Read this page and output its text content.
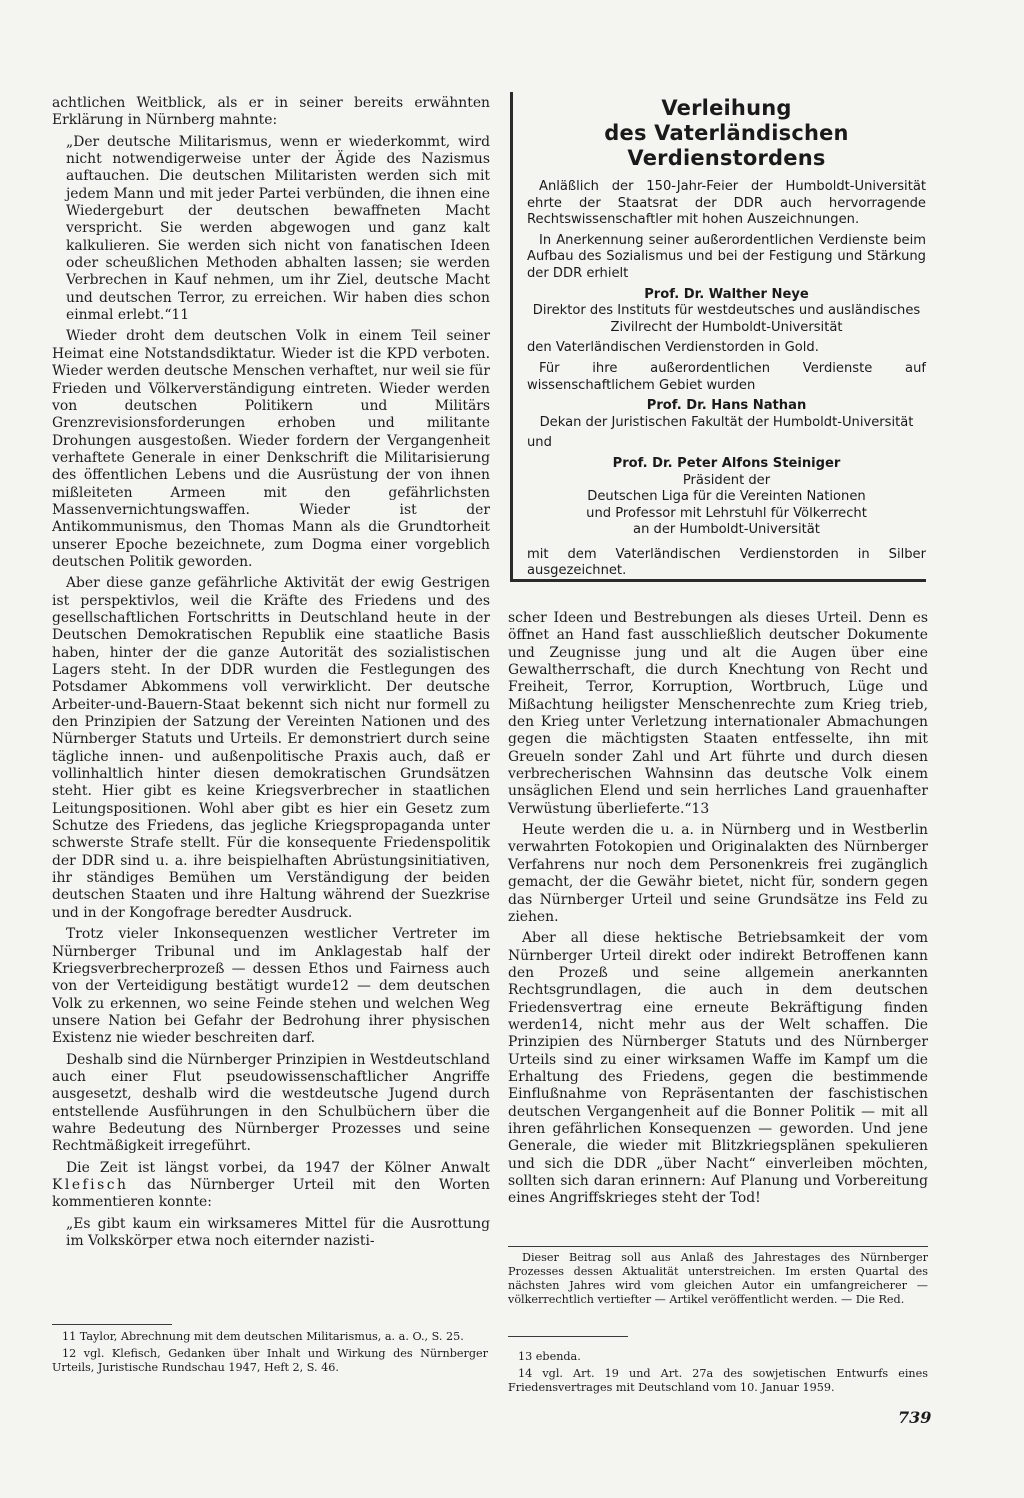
achtlichen Weitblick, als er in seiner bereits erwähnten Erklärung in Nürnberg mahnte:

„Der deutsche Militarismus, wenn er wiederkommt, wird nicht notwendigerweise unter der Ägide des Nazismus auftauchen. Die deutschen Militaristen werden sich mit jedem Mann und mit jeder Partei verbünden, die ihnen eine Wiedergeburt der deutschen bewaffneten Macht verspricht. Sie werden abgewogen und ganz kalt kalkulieren. Sie werden sich nicht von fanatischen Ideen oder scheußlichen Methoden abhalten lassen; sie werden Verbrechen in Kauf nehmen, um ihr Ziel, deutsche Macht und deutschen Terror, zu erreichen. Wir haben dies schon einmal erlebt.“11

Wieder droht dem deutschen Volk in einem Teil seiner Heimat eine Notstandsdiktatur. Wieder ist die KPD verboten. Wieder werden deutsche Menschen verhaftet, nur weil sie für Frieden und Völkerverständigung eintreten. Wieder werden von deutschen Politikern und Militärs Grenzrevisionsforderungen erhoben und militante Drohungen ausgestoßen. Wieder fordern der Vergangenheit verhaftete Generale in einer Denkschrift die Militarisierung des öffentlichen Lebens und die Ausrüstung der von ihnen mißleiteten Armeen mit den gefährlichsten Massenvernichtungswaffen. Wieder ist der Antikommunismus, den Thomas Mann als die Grundtorheit unserer Epoche bezeichnete, zum Dogma einer vorgeblich deutschen Politik geworden.

Aber diese ganze gefährliche Aktivität der ewig Gestrigen ist perspektivlos, weil die Kräfte des Friedens und des gesellschaftlichen Fortschritts in Deutschland heute in der Deutschen Demokratischen Republik eine staatliche Basis haben, hinter der die ganze Autorität des sozialistischen Lagers steht. In der DDR wurden die Festlegungen des Potsdamer Abkommens voll verwirklicht. Der deutsche Arbeiter-und-Bauern-Staat bekennt sich nicht nur formell zu den Prinzipien der Satzung der Vereinten Nationen und des Nürnberger Statuts und Urteils. Er demonstriert durch seine tägliche innen- und außenpolitische Praxis auch, daß er vollinhaltlich hinter diesen demokratischen Grundsätzen steht. Hier gibt es keine Kriegsverbrecher in staatlichen Leitungspositionen. Wohl aber gibt es hier ein Gesetz zum Schutze des Friedens, das jegliche Kriegspropaganda unter schwerste Strafe stellt. Für die konsequente Friedenspolitik der DDR sind u. a. ihre beispielhaften Abrüstungsinitiativen, ihr ständiges Bemühen um Verständigung der beiden deutschen Staaten und ihre Haltung während der Suezkrise und in der Kongofrage beredter Ausdruck.

Trotz vieler Inkonsequenzen westlicher Vertreter im Nürnberger Tribunal und im Anklagestab half der Kriegsverbrecherprozeß — dessen Ethos und Fairness auch von der Verteidigung bestätigt wurde12 — dem deutschen Volk zu erkennen, wo seine Feinde stehen und welchen Weg unsere Nation bei Gefahr der Bedrohung ihrer physischen Existenz nie wieder beschreiten darf.

Deshalb sind die Nürnberger Prinzipien in Westdeutschland auch einer Flut pseudowissenschaftlicher Angriffe ausgesetzt, deshalb wird die westdeutsche Jugend durch entstellende Ausführungen in den Schulbüchern über die wahre Bedeutung des Nürnberger Prozesses und seine Rechtmäßigkeit irregeführt.

Die Zeit ist längst vorbei, da 1947 der Kölner Anwalt Klefisch das Nürnberger Urteil mit den Worten kommentieren konnte:

„Es gibt kaum ein wirksameres Mittel für die Ausrottung im Volkskörper etwa noch eiternder nazisti-

Verleihung
des Vaterländischen Verdienstordens

Anläßlich der 150-Jahr-Feier der Humboldt-Universität ehrte der Staatsrat der DDR auch hervorragende Rechtswissenschaftler mit hohen Auszeichnungen.

In Anerkennung seiner außerordentlichen Verdienste beim Aufbau des Sozialismus und bei der Festigung und Stärkung der DDR erhielt

Prof. Dr. Walther Neye

Direktor des Instituts für westdeutsches und ausländisches Zivilrecht der Humboldt-Universität

den Vaterländischen Verdienstorden in Gold.

Für ihre außerordentlichen Verdienste auf wissenschaftlichem Gebiet wurden

Prof. Dr. Hans Nathan

Dekan der Juristischen Fakultät der Humboldt-Universität

und

Prof. Dr. Peter Alfons Steiniger

Präsident der

Deutschen Liga für die Vereinten Nationen

und Professor mit Lehrstuhl für Völkerrecht

an der Humboldt-Universität

mit dem Vaterländischen Verdienstorden in Silber ausgezeichnet.

scher Ideen und Bestrebungen als dieses Urteil. Denn es öffnet an Hand fast ausschließlich deutscher Dokumente und Zeugnisse jung und alt die Augen über eine Gewaltherrschaft, die durch Knechtung von Recht und Freiheit, Terror, Korruption, Wortbruch, Lüge und Mißachtung heiligster Menschenrechte zum Krieg trieb, den Krieg unter Verletzung internationaler Abmachungen gegen die mächtigsten Staaten entfesselte, ihn mit Greueln sonder Zahl und Art führte und durch diesen verbrecherischen Wahnsinn das deutsche Volk einem unsäglichen Elend und sein herrliches Land grauenhafter Verwüstung überlieferte.“13

Heute werden die u. a. in Nürnberg und in Westberlin verwahrten Fotokopien und Originalakten des Nürnberger Verfahrens nur noch dem Personenkreis frei zugänglich gemacht, der die Gewähr bietet, nicht für, sondern gegen das Nürnberger Urteil und seine Grundsätze ins Feld zu ziehen.

Aber all diese hektische Betriebsamkeit der vom Nürnberger Urteil direkt oder indirekt Betroffenen kann den Prozeß und seine allgemein anerkannten Rechtsgrundlagen, die auch in dem deutschen Friedensvertrag eine erneute Bekräftigung finden werden14, nicht mehr aus der Welt schaffen. Die Prinzipien des Nürnberger Statuts und des Nürnberger Urteils sind zu einer wirksamen Waffe im Kampf um die Erhaltung des Friedens, gegen die bestimmende Einflußnahme von Repräsentanten der faschistischen deutschen Vergangenheit auf die Bonner Politik — mit all ihren gefährlichen Konsequenzen — geworden. Und jene Generale, die wieder mit Blitzkriegsplänen spekulieren und sich die DDR „über Nacht“ einverleiben möchten, sollten sich daran erinnern: Auf Planung und Vorbereitung eines Angriffskrieges steht der Tod!

Dieser Beitrag soll aus Anlaß des Jahrestages des Nürnberger Prozesses dessen Aktualität unterstreichen. Im ersten Quartal des nächsten Jahres wird vom gleichen Autor ein umfangreicherer — völkerrechtlich vertiefter — Artikel veröffentlicht werden. — Die Red.

11 Taylor, Abrechnung mit dem deutschen Militarismus, a. a. O., S. 25.

12 vgl. Klefisch, Gedanken über Inhalt und Wirkung des Nürnberger Urteils, Juristische Rundschau 1947, Heft 2, S. 46.

13 ebenda.

14 vgl. Art. 19 und Art. 27a des sowjetischen Entwurfs eines Friedensvertrages mit Deutschland vom 10. Januar 1959.

739
